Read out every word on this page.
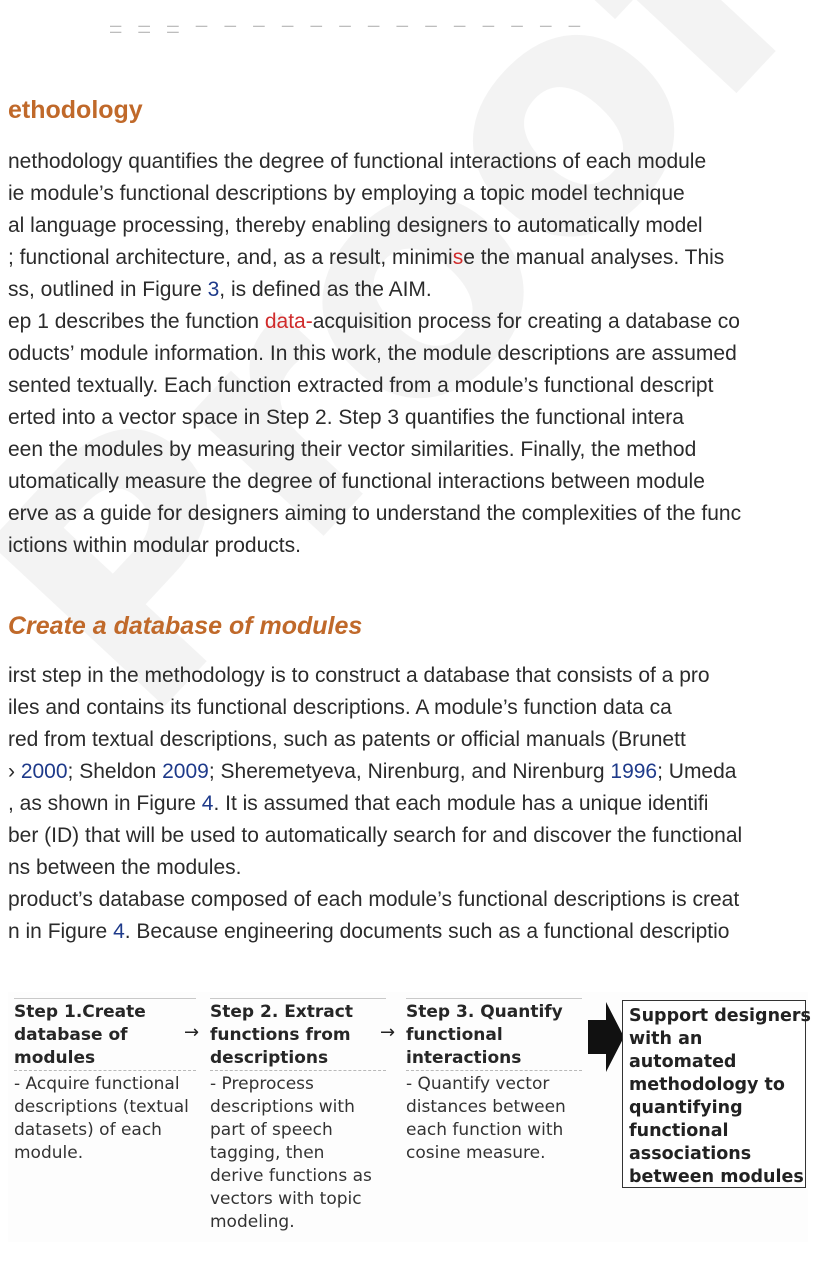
_ _ _ _ _ _ _ _ _ _ _ _ _ _ _ _ _ _ _ _
ethodology
nethodology quantifies the degree of functional interactions of each module
ie module’s functional descriptions by employing a topic model technique
al language processing, thereby enabling designers to automatically model
; functional architecture, and, as a result, minimise the manual analyses. This
ss, outlined in Figure 3, is defined as the AIM.
ep 1 describes the function data-acquisition process for creating a database co
oducts’ module information. In this work, the module descriptions are assumed
sented textually. Each function extracted from a module’s functional descript
erted into a vector space in Step 2. Step 3 quantifies the functional intera
een the modules by measuring their vector similarities. Finally, the method
utomatically measure the degree of functional interactions between module
erve as a guide for designers aiming to understand the complexities of the func
ictions within modular products.
Create a database of modules
irst step in the methodology is to construct a database that consists of a pro
iles and contains its functional descriptions. A module’s function data ca
red from textual descriptions, such as patents or official manuals (Brunett
› 2000; Sheldon 2009; Sheremetyeva, Nirenburg, and Nirenburg 1996; Umeda
, as shown in Figure 4. It is assumed that each module has a unique identifi
ber (ID) that will be used to automatically search for and discover the functional
ns between the modules.
product’s database composed of each module’s functional descriptions is creat
n in Figure 4. Because engineering documents such as a functional descriptio
Step 1.Create
database of
modules
- Acquire functional
descriptions (textual
datasets) of each
module.
→
Step 2. Extract
functions from
descriptions
- Preprocess
descriptions with
part of speech
tagging, then
derive functions as
vectors with topic
modeling.
→
Step 3. Quantify
functional
interactions
- Quantify vector
distances between
each function with
cosine measure.
Support designers
with an
automated
methodology to
quantifying
functional
associations
between modules
